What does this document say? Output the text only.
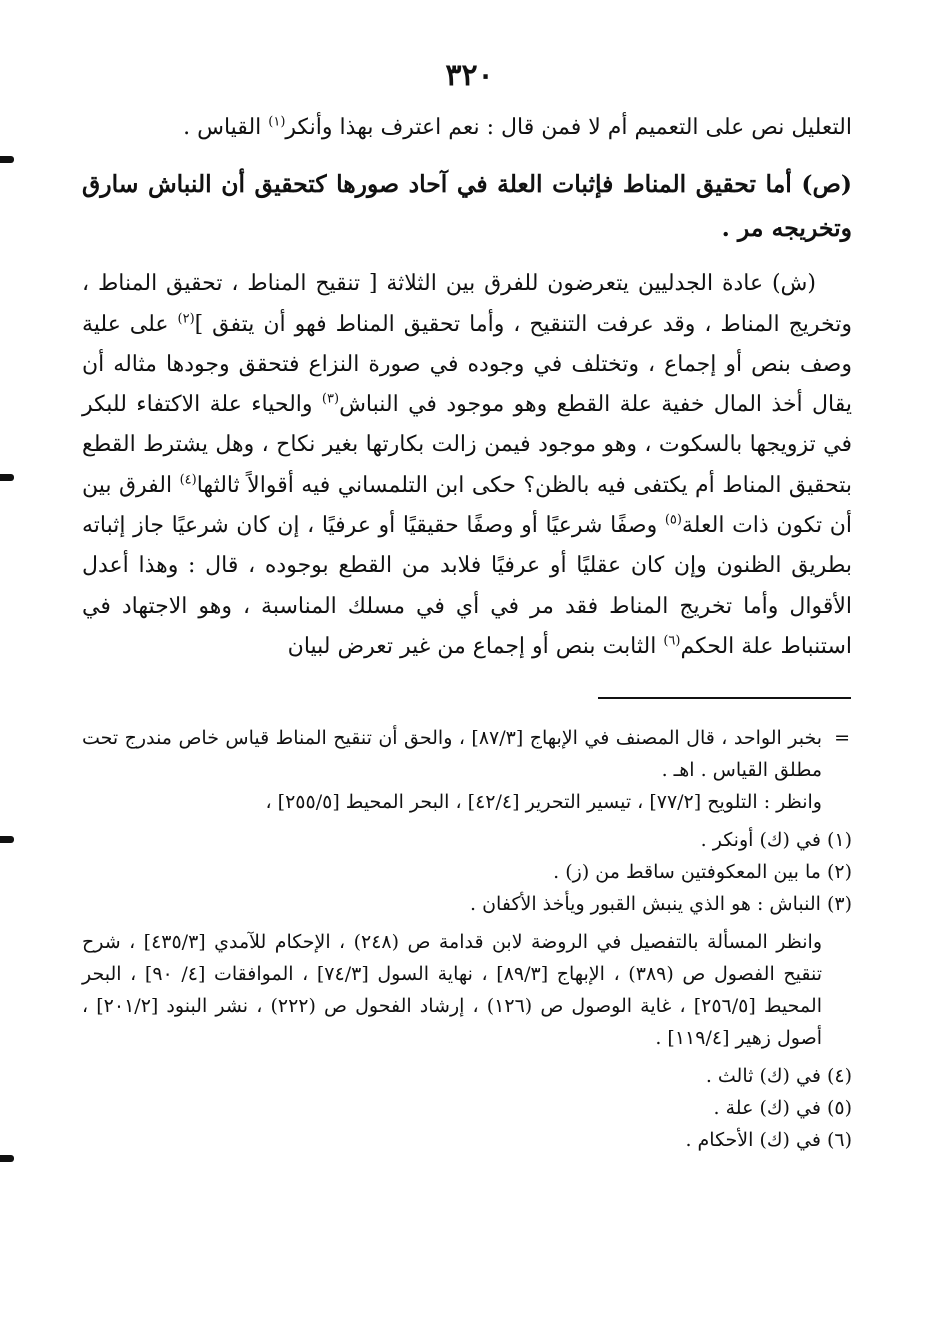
٣٢٠

التعليل نص على التعميم أم لا فمن قال : نعم اعترف بهذا وأنكر$^{(١)}$ القياس .

(ص) أما تحقيق المناط فإثبات العلة في آحاد صورها كتحقيق أن النباش سارق وتخريجه مر .

(ش) عادة الجدليين يتعرضون للفرق بين الثلاثة [ تنقيح المناط ، تحقيق المناط ، وتخريج المناط ، وقد عرفت التنقيح ، وأما تحقيق المناط فهو أن يتفق ]$^{(٢)}$ على علية وصف بنص أو إجماع ، وتختلف في وجوده في صورة النزاع فتحقق وجودها مثاله أن يقال أخذ المال خفية علة القطع وهو موجود في النباش$^{(٣)}$ والحياء علة الاكتفاء للبكر في تزويجها بالسكوت ، وهو موجود فيمن زالت بكارتها بغير نكاح ، وهل يشترط القطع بتحقيق المناط أم يكتفى فيه بالظن؟ حكى ابن التلمساني فيه أقوالاً ثالثها$^{(٤)}$ الفرق بين أن تكون ذات العلة$^{(٥)}$ وصفًا شرعيًا أو وصفًا حقيقيًا أو عرفيًا ، إن كان شرعيًا جاز إثباته بطريق الظنون وإن كان عقليًا أو عرفيًا فلابد من القطع بوجوده ، قال : وهذا أعدل الأقوال وأما تخريج المناط فقد مر في أي في مسلك المناسبة ، وهو الاجتهاد في استنباط علة الحكم$^{(٦)}$ الثابت بنص أو إجماع من غير تعرض لبيان

=
بخبر الواحد ، قال المصنف في الإبهاج [٨٧/٣] ، والحق أن تنقيح المناط قياس خاص مندرج تحت مطلق القياس . اهـ .

وانظر : التلويح [٧٧/٢] ، تيسير التحرير [٤٢/٤] ، البحر المحيط [٢٥٥/٥] ،

(١) في (ك) أونكر .

(٢) ما بين المعكوفتين ساقط من (ز) .

(٣) النباش : هو الذي ينبش القبور ويأخذ الأكفان .

وانظر المسألة بالتفصيل في الروضة لابن قدامة ص (٢٤٨) ، الإحكام للآمدي [٤٣٥/٣] ، شرح تنقيح الفصول ص (٣٨٩) ، الإبهاج [٨٩/٣] ، نهاية السول [٧٤/٣] ، الموافقات [٤/ ٩٠] ، البحر المحيط [٢٥٦/٥] ، غاية الوصول ص (١٢٦) ، إرشاد الفحول ص (٢٢٢) ، نشر البنود [٢٠١/٢] ، أصول زهير [١١٩/٤] .

(٤) في (ك) ثالث .

(٥) في (ك) علة .

(٦) في (ك) الأحكام .
